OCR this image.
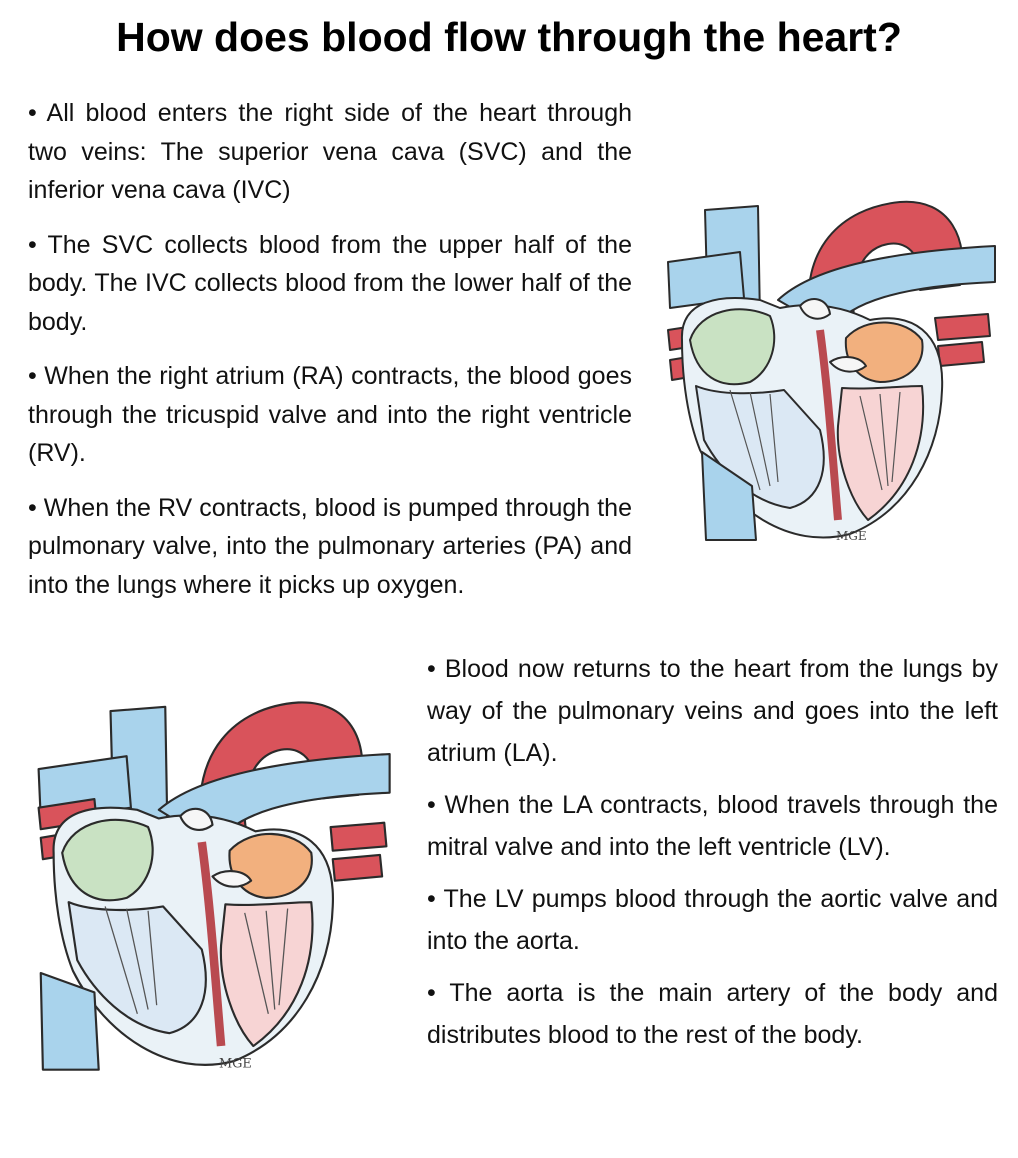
How does blood flow through the heart?

• All blood enters the right side of the heart through two veins: The superior vena cava (SVC) and the inferior vena cava (IVC)

• The SVC collects blood from the upper half of the body. The IVC collects blood from the lower half of the body.

• When the right atrium (RA) contracts, the blood goes through the tricuspid valve and into the right ventricle (RV).

• When the RV contracts, blood is pumped through the pulmonary valve, into the pulmonary arteries (PA) and into the lungs where it picks up oxygen.

• Blood now returns to the heart from the lungs by way of the pulmonary veins and goes into the left atrium (LA).

• When the LA contracts, blood travels through the mitral valve and into the left ventricle (LV).

• The LV pumps blood through the aortic valve and into the aorta.

• The aorta is the main artery of the body and distributes blood to the rest of the body.

MGE
MGE
